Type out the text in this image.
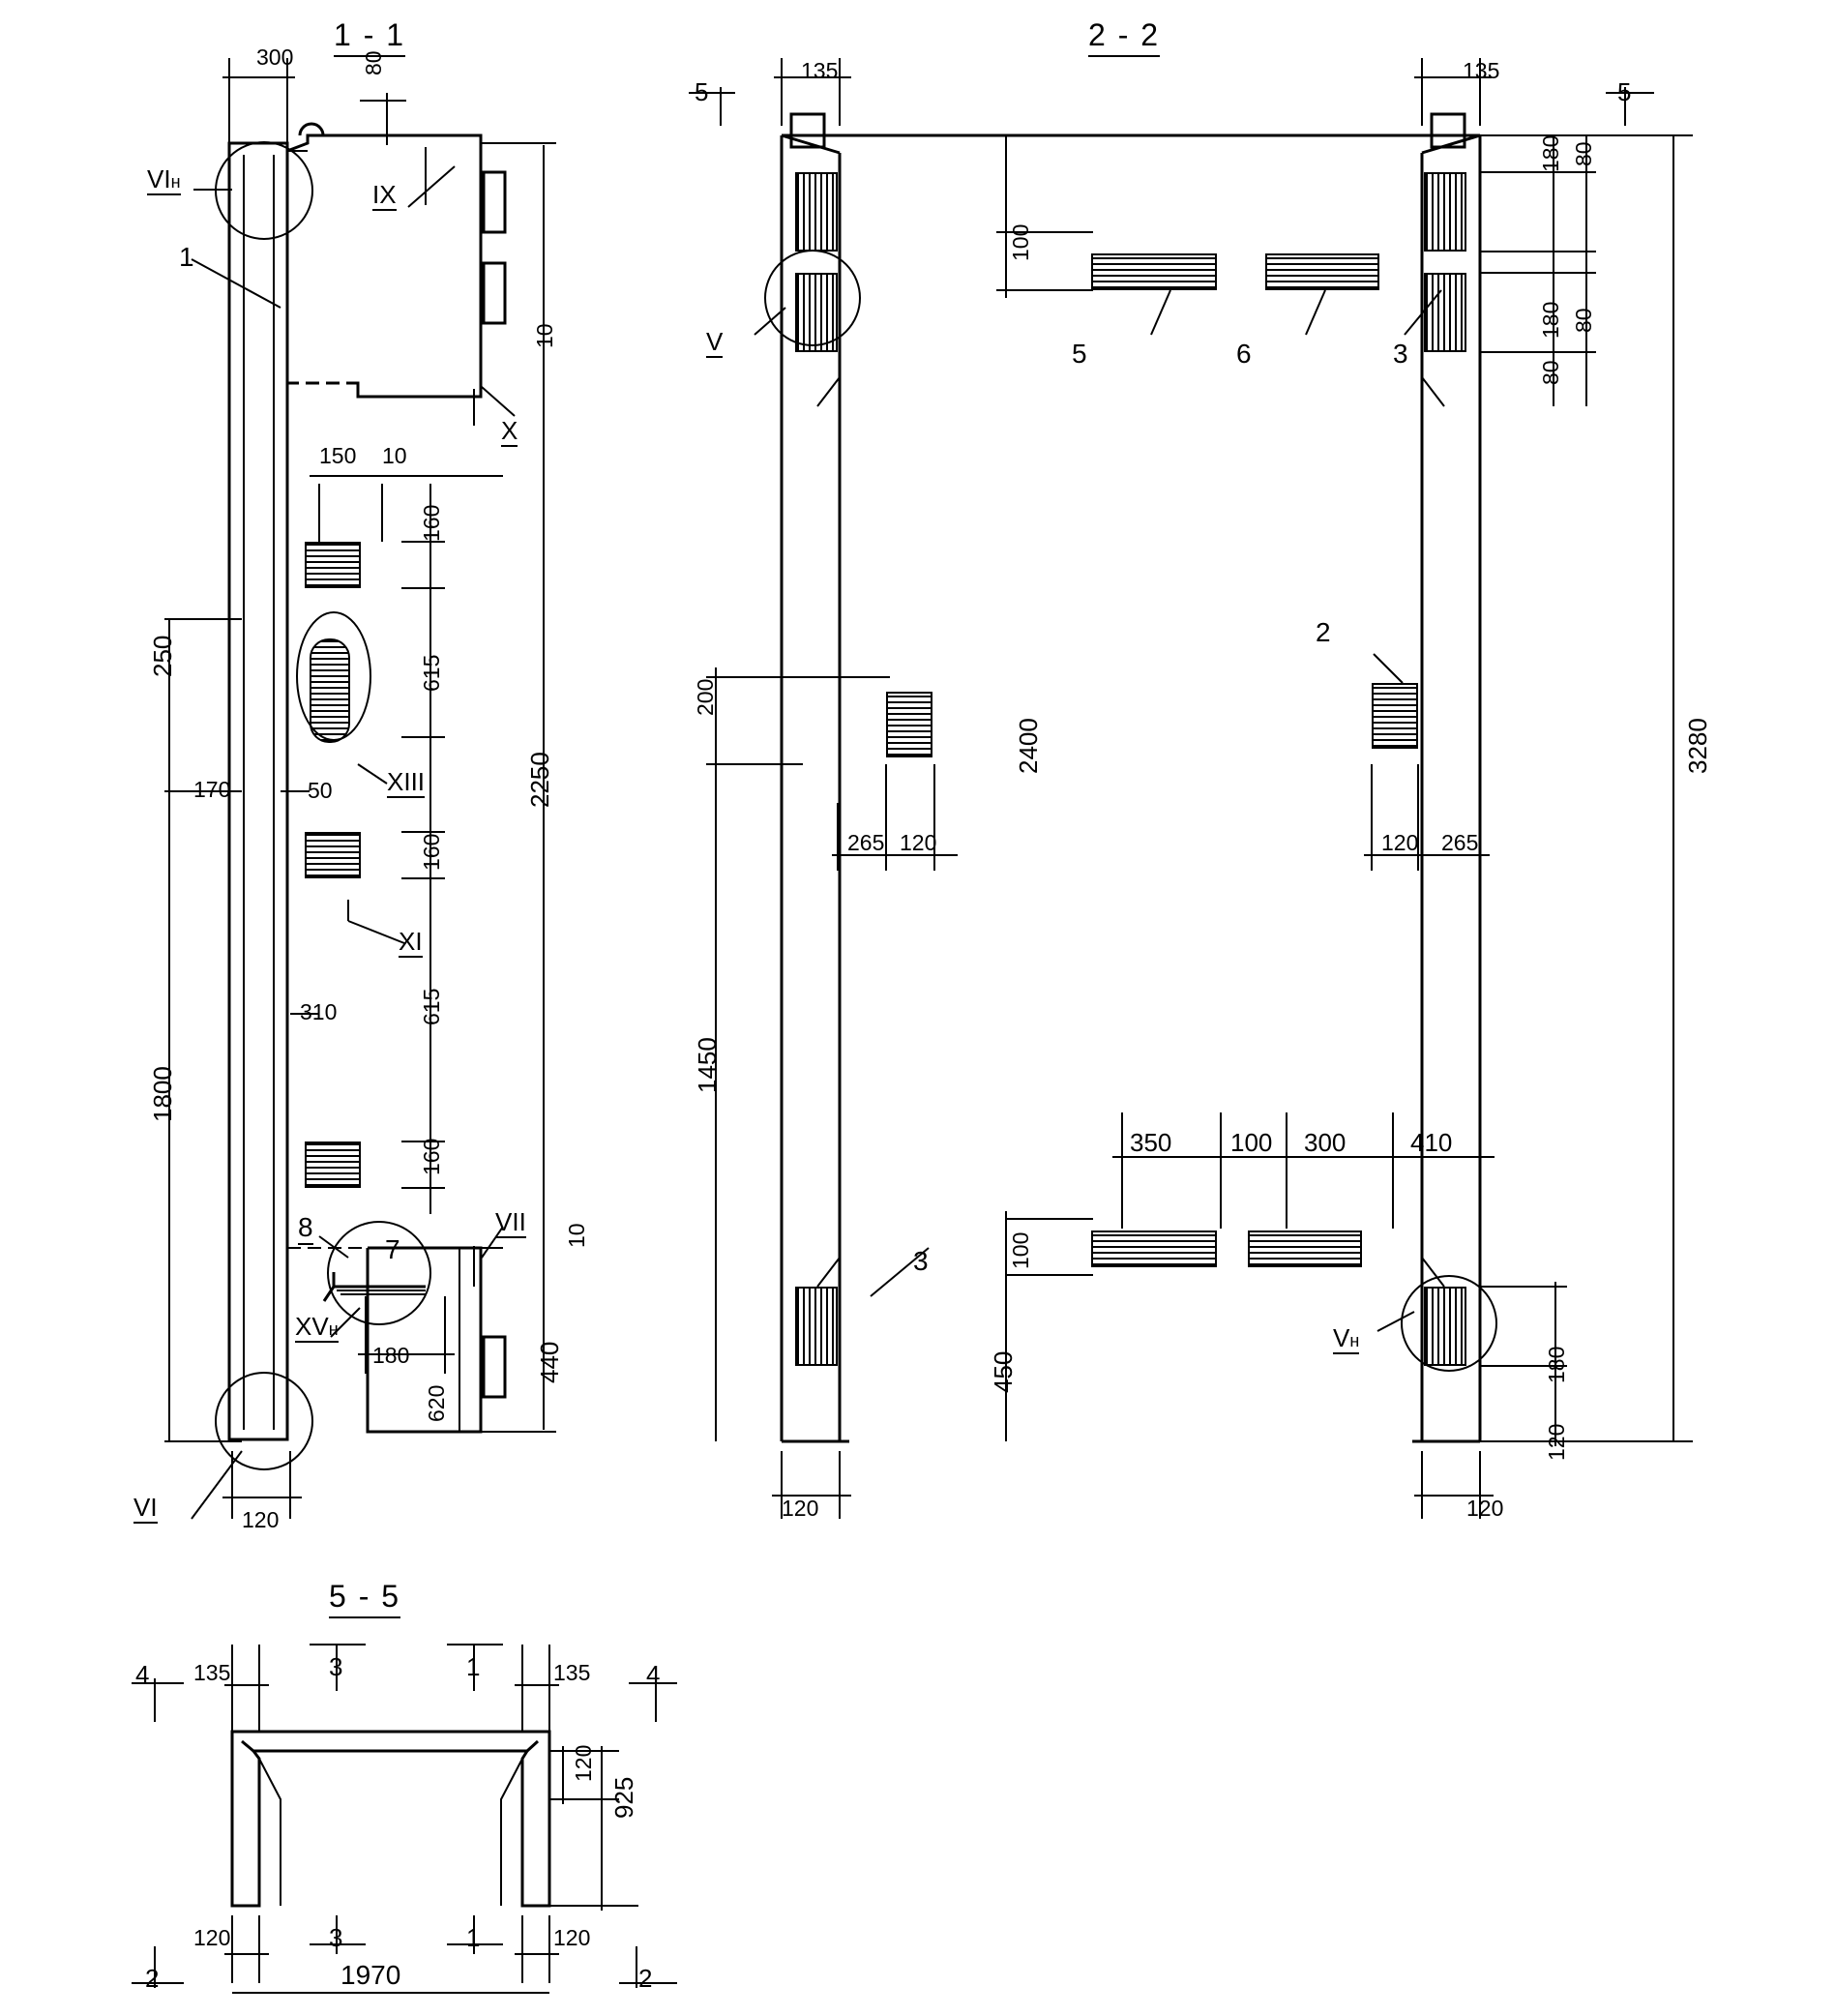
1 - 1	2 - 2
5 - 5
300	80
10
150 10
160
615
50
160
615
160
2250
250
170
310
1800
180
620
440
10
120
VIн	IX
X
XIII
XI
VII
XVн
VI
1
7
8
135	135
5	5
180 80
180 80
80
3280
100
5	6	3
2
200
265 120
2400
120 265
1450
350 100 300	410
100
3
450	180
120
120	120
V
Vн
135	135
4	4
3	1
120
925
120	120
3	1
2	2
1970
